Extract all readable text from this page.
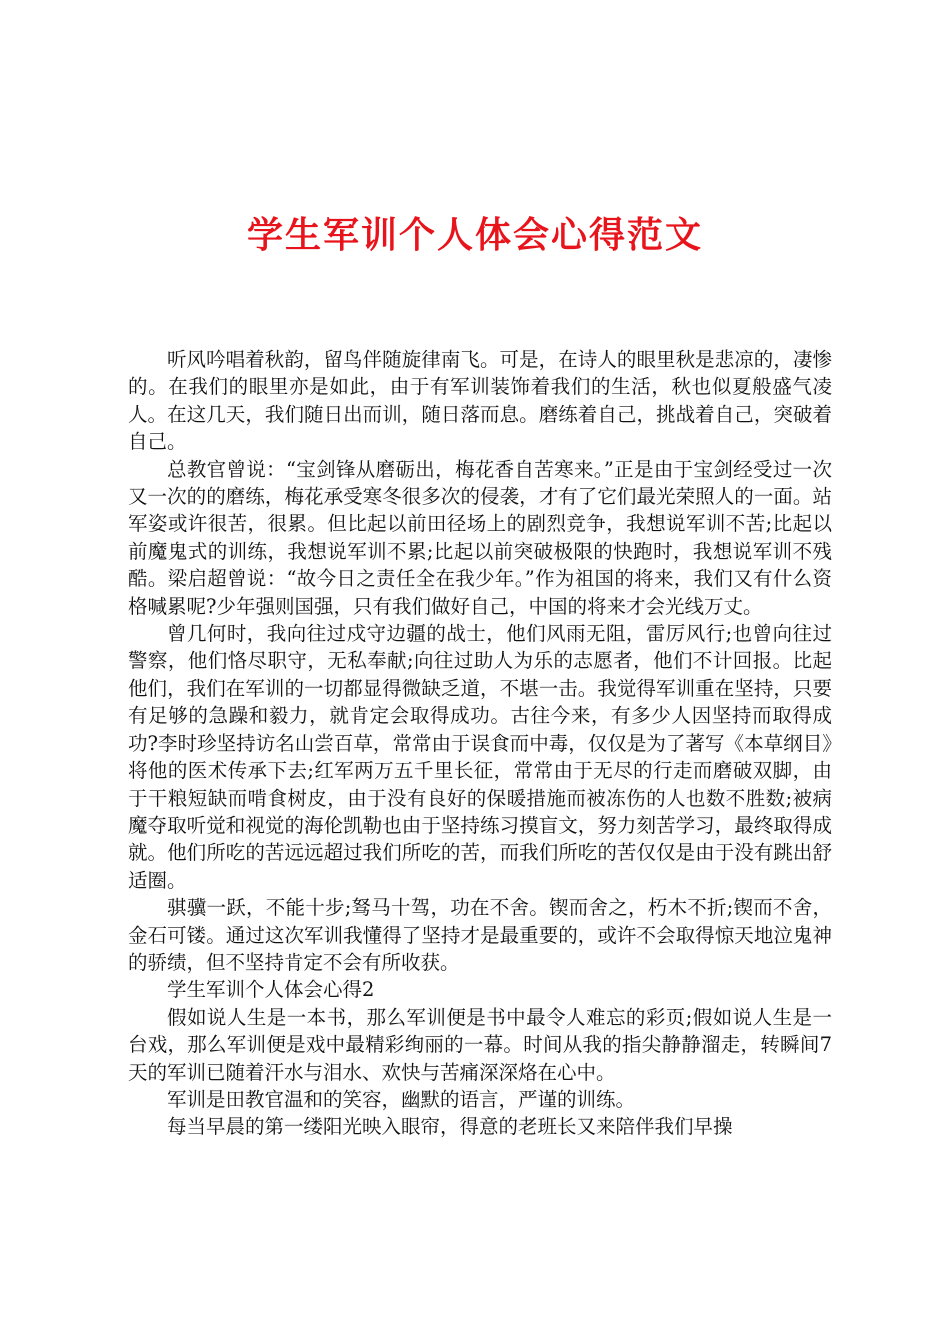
学生军训个人体会心得范文

听风吟唱着秋韵，留鸟伴随旋律南飞。可是，在诗人的眼里秋是悲凉的，凄惨的。在我们的眼里亦是如此，由于有军训装饰着我们的生活，秋也似夏般盛气凌人。在这几天，我们随日出而训，随日落而息。磨练着自己，挑战着自己，突破着自己。

总教官曾说：“宝剑锋从磨砺出，梅花香自苦寒来。”正是由于宝剑经受过一次又一次的的磨练，梅花承受寒冬很多次的侵袭，才有了它们最光荣照人的一面。站军姿或许很苦，很累。但比起以前田径场上的剧烈竞争，我想说军训不苦;比起以前魔鬼式的训练，我想说军训不累;比起以前突破极限的快跑时，我想说军训不残酷。梁启超曾说：“故今日之责任全在我少年。”作为祖国的将来，我们又有什么资格喊累呢?少年强则国强，只有我们做好自己，中国的将来才会光线万丈。

曾几何时，我向往过戍守边疆的战士，他们风雨无阻，雷厉风行;也曾向往过警察，他们恪尽职守，无私奉献;向往过助人为乐的志愿者，他们不计回报。比起他们，我们在军训的一切都显得微缺乏道，不堪一击。我觉得军训重在坚持，只要有足够的急躁和毅力，就肯定会取得成功。古往今来，有多少人因坚持而取得成功?李时珍坚持访名山尝百草，常常由于误食而中毒，仅仅是为了著写《本草纲目》将他的医术传承下去;红军两万五千里长征，常常由于无尽的行走而磨破双脚，由于干粮短缺而啃食树皮，由于没有良好的保暖措施而被冻伤的人也数不胜数;被病魔夺取听觉和视觉的海伦凯勒也由于坚持练习摸盲文，努力刻苦学习，最终取得成就。他们所吃的苦远远超过我们所吃的苦，而我们所吃的苦仅仅是由于没有跳出舒适圈。

骐骥一跃，不能十步;驽马十驾，功在不舍。锲而舍之，朽木不折;锲而不舍，金石可镂。通过这次军训我懂得了坚持才是最重要的，或许不会取得惊天地泣鬼神的骄绩，但不坚持肯定不会有所收获。

学生军训个人体会心得2

假如说人生是一本书，那么军训便是书中最令人难忘的彩页;假如说人生是一台戏，那么军训便是戏中最精彩绚丽的一幕。时间从我的指尖静静溜走，转瞬间7天的军训已随着汗水与泪水、欢快与苦痛深深烙在心中。

军训是田教官温和的笑容，幽默的语言，严谨的训练。

每当早晨的第一缕阳光映入眼帘，得意的老班长又来陪伴我们早操
